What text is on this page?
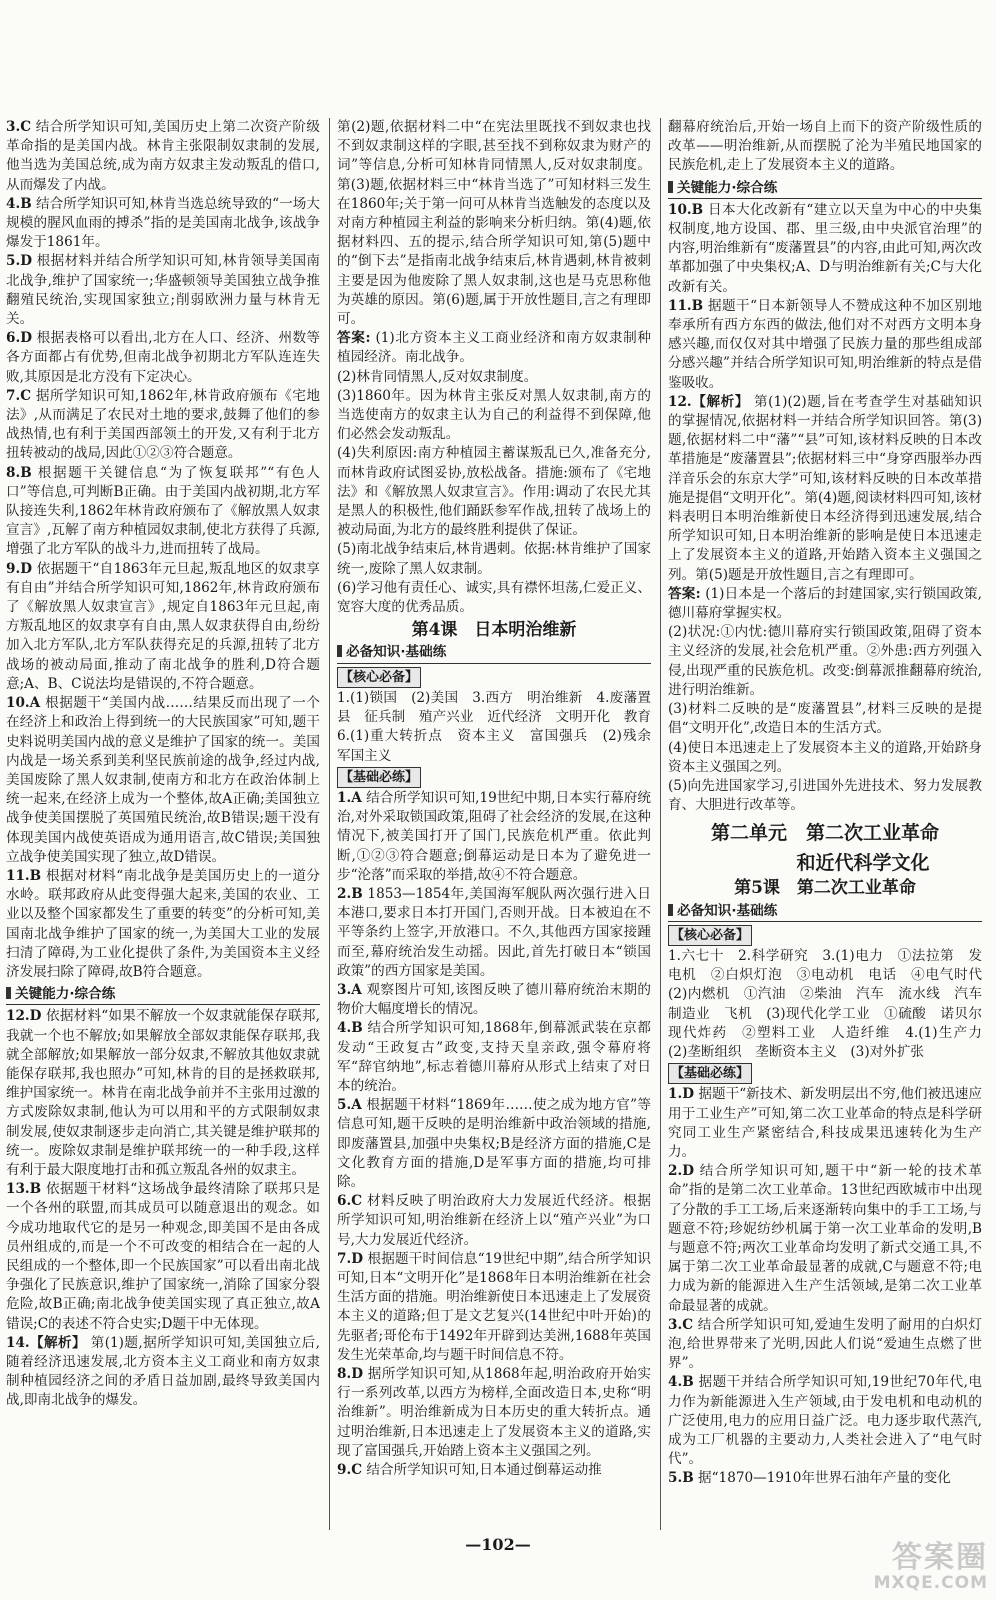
3.C 结合所学知识可知,美国历史上第二次资产阶级革命指的是美国内战。林肯主张限制奴隶制的发展,他当选为美国总统,成为南方奴隶主发动叛乱的借口,从而爆发了内战。

4.B 结合所学知识可知,林肯当选总统导致的“一场大规模的腥风血雨的搏杀”指的是美国南北战争,该战争爆发于1861年。

5.D 根据材料并结合所学知识可知,林肯领导美国南北战争,维护了国家统一;华盛顿领导美国独立战争推翻殖民统治,实现国家独立;削弱欧洲力量与林肯无关。

6.D 根据表格可以看出,北方在人口、经济、州数等各方面都占有优势,但南北战争初期北方军队连连失败,其原因是北方没有下定决心。

7.C 据所学知识可知,1862年,林肯政府颁布《宅地法》,从而满足了农民对土地的要求,鼓舞了他们的参战热情,也有利于美国西部领土的开发,又有利于北方扭转被动的战局,因此①②③符合题意。

8.B 根据题干关键信息“为了恢复联邦”“有色人口”等信息,可判断B正确。由于美国内战初期,北方军队接连失利,1862年林肯政府颁布了《解放黑人奴隶宣言》,瓦解了南方种植园奴隶制,使北方获得了兵源,增强了北方军队的战斗力,进而扭转了战局。

9.D 依据题干“自1863年元旦起,叛乱地区的奴隶享有自由”并结合所学知识可知,1862年,林肯政府颁布了《解放黑人奴隶宣言》,规定自1863年元旦起,南方叛乱地区的奴隶享有自由,黑人奴隶获得自由,纷纷加入北方军队,北方军队获得充足的兵源,扭转了北方战场的被动局面,推动了南北战争的胜利,D符合题意;A、B、C说法均是错误的,不符合题意。

10.A 根据题干“美国内战……结果反而出现了一个在经济上和政治上得到统一的大民族国家”可知,题干史料说明美国内战的意义是维护了国家的统一。美国内战是一场关系到美利坚民族前途的战争,经过内战,美国废除了黑人奴隶制,使南方和北方在政治体制上统一起来,在经济上成为一个整体,故A正确;美国独立战争使美国摆脱了英国殖民统治,故B错误;题干没有体现美国内战使英语成为通用语言,故C错误;美国独立战争使美国实现了独立,故D错误。

11.B 根据对材料“南北战争是美国历史上的一道分水岭。联邦政府从此变得强大起来,美国的农业、工业以及整个国家都发生了重要的转变”的分析可知,美国南北战争维护了国家的统一,为美国大工业的发展扫清了障碍,为工业化提供了条件,为美国资本主义经济发展扫除了障碍,故B符合题意。

关键能力·综合练

12.D 依据材料“如果不解放一个奴隶就能保存联邦,我就一个也不解放;如果解放全部奴隶能保存联邦,我就全部解放;如果解放一部分奴隶,不解放其他奴隶就能保存联邦,我也照办”可知,林肯的目的是拯救联邦,维护国家统一。林肯在南北战争前并不主张用过激的方式废除奴隶制,他认为可以用和平的方式限制奴隶制发展,使奴隶制逐步走向消亡,其关键是维护联邦的统一。废除奴隶制是维护联邦统一的一种手段,这样有利于最大限度地打击和孤立叛乱各州的奴隶主。

13.B 依据题干材料“这场战争最终清除了联邦只是一个各州的联盟,而其成员可以随意退出的观念。如今成功地取代它的是另一种观念,即美国不是由各成员州组成的,而是一个不可改变的相结合在一起的人民组成的一个整体,即一个民族国家”可以看出南北战争强化了民族意识,维护了国家统一,消除了国家分裂危险,故B正确;南北战争使美国实现了真正独立,故A错误;C的表述不符合史实;D题干中无体现。

14.【解析】 第(1)题,据所学知识可知,美国独立后,随着经济迅速发展,北方资本主义工商业和南方奴隶制种植园经济之间的矛盾日益加剧,最终导致美国内战,即南北战争的爆发。

第(2)题,依据材料二中“在宪法里既找不到奴隶也找不到奴隶制这样的字眼,甚至找不到称奴隶为财产的词”等信息,分析可知林肯同情黑人,反对奴隶制度。第(3)题,依据材料三中“林肯当选了”可知材料三发生在1860年;关于第一问可从林肯当选触发的态度以及对南方种植园主利益的影响来分析归纳。第(4)题,依据材料四、五的提示,结合所学知识可知,第(5)题中的“倒下去”是指南北战争结束后,林肯遇刺,林肯被刺主要是因为他废除了黑人奴隶制,这也是马克思称他为英雄的原因。第(6)题,属于开放性题目,言之有理即可。

答案: (1)北方资本主义工商业经济和南方奴隶制种植园经济。南北战争。

(2)林肯同情黑人,反对奴隶制度。

(3)1860年。因为林肯主张反对黑人奴隶制,南方的当选使南方的奴隶主认为自己的利益得不到保障,他们必然会发动叛乱。

(4)失利原因:南方种植园主蓄谋叛乱已久,准备充分,而林肯政府试图妥协,放松战备。措施:颁布了《宅地法》和《解放黑人奴隶宣言》。作用:调动了农民尤其是黑人的积极性,他们踊跃参军作战,扭转了战场上的被动局面,为北方的最终胜利提供了保证。

(5)南北战争结束后,林肯遇刺。依据:林肯维护了国家统一,废除了黑人奴隶制。

(6)学习他有责任心、诚实,具有襟怀坦荡,仁爱正义、宽容大度的优秀品质。

第4课　日本明治维新
必备知识·基础练
【核心必备】

1.(1)锁国　(2)美国　3.西方　明治维新　4.废藩置县　征兵制　殖产兴业　近代经济　文明开化　教育　6.(1)重大转折点　资本主义　富国强兵　(2)残余　军国主义

【基础必练】

1.A 结合所学知识可知,19世纪中期,日本实行幕府统治,对外采取锁国政策,阻碍了社会经济的发展,在这种情况下,被美国打开了国门,民族危机严重。依此判断,①②③符合题意;倒幕运动是日本为了避免进一步“沦落”而采取的举措,故④不符合题意。

2.B 1853—1854年,美国海军舰队两次强行进入日本港口,要求日本打开国门,否则开战。日本被迫在不平等条约上签字,开放港口。不久,其他西方国家接踵而至,幕府统治发生动摇。因此,首先打破日本“锁国政策”的西方国家是美国。

3.A 观察图片可知,该图反映了德川幕府统治末期的物价大幅度增长的情况。

4.B 结合所学知识可知,1868年,倒幕派武装在京都发动“王政复古”政变,支持天皇亲政,强令幕府将军“辞官纳地”,标志着德川幕府从形式上结束了对日本的统治。

5.A 根据题干材料“1869年……使之成为地方官”等信息可知,题干反映的是明治维新中政治领域的措施,即废藩置县,加强中央集权;B是经济方面的措施,C是文化教育方面的措施,D是军事方面的措施,均可排除。

6.C 材料反映了明治政府大力发展近代经济。根据所学知识可知,明治维新在经济上以“殖产兴业”为口号,大力发展近代经济。

7.D 根据题干时间信息“19世纪中期”,结合所学知识可知,日本“文明开化”是1868年日本明治维新在社会生活方面的措施。明治维新使日本迅速走上了发展资本主义的道路;但丁是文艺复兴(14世纪中叶开始)的先驱者;哥伦布于1492年开辟到达美洲,1688年英国发生光荣革命,均与题干时间信息不符。

8.D 据所学知识可知,从1868年起,明治政府开始实行一系列改革,以西方为榜样,全面改造日本,史称“明治维新”。明治维新成为日本历史的重大转折点。通过明治维新,日本迅速走上了发展资本主义的道路,实现了富国强兵,开始踏上资本主义强国之列。

9.C 结合所学知识可知,日本通过倒幕运动推

翻幕府统治后,开始一场自上而下的资产阶级性质的改革——明治维新,从而摆脱了沦为半殖民地国家的民族危机,走上了发展资本主义的道路。

关键能力·综合练

10.B 日本大化改新有“建立以天皇为中心的中央集权制度,地方设国、郡、里三级,由中央派官治理”的内容,明治维新有“废藩置县”的内容,由此可知,两次改革都加强了中央集权;A、D与明治维新有关;C与大化改新有关。

11.B 据题干“日本新领导人不赞成这种不加区别地奉承所有西方东西的做法,他们对不对西方文明本身感兴趣,而仅仅对其中增强了民族力量的那些组成部分感兴趣”并结合所学知识可知,明治维新的特点是借鉴吸收。

12.【解析】 第(1)(2)题,旨在考查学生对基础知识的掌握情况,依据材料一并结合所学知识回答。第(3)题,依据材料二中“藩”“县”可知,该材料反映的日本改革措施是“废藩置县”;依据材料三中“身穿西服举办西洋音乐会的东京大学”可知,该材料反映的日本改革措施是提倡“文明开化”。第(4)题,阅读材料四可知,该材料表明日本明治维新使日本经济得到迅速发展,结合所学知识可知,日本明治维新的影响是使日本迅速走上了发展资本主义的道路,开始踏入资本主义强国之列。第(5)题是开放性题目,言之有理即可。

答案: (1)日本是一个落后的封建国家,实行锁国政策,德川幕府掌握实权。

(2)状况:①内忧:德川幕府实行锁国政策,阻碍了资本主义经济的发展,社会危机严重。②外患:西方列强入侵,出现严重的民族危机。改变:倒幕派推翻幕府统治,进行明治维新。

(3)材料二反映的是“废藩置县”,材料三反映的是提倡“文明开化”,改造日本的生活方式。

(4)使日本迅速走上了发展资本主义的道路,开始跻身资本主义强国之列。

(5)向先进国家学习,引进国外先进技术、努力发展教育、大胆进行改革等。

第二单元　第二次工业革命
　　　　和近代科学文化
第5课　第二次工业革命
必备知识·基础练
【核心必备】

1.六七十　2.科学研究　3.(1)电力　①法拉第　发电机　②白炽灯泡　③电动机　电话　④电气时代　(2)内燃机　①汽油　②柴油　汽车　流水线　汽车制造业　飞机　(3)现代化学工业　①硫酸　诺贝尔　现代炸药　②塑料工业　人造纤维　4.(1)生产力　(2)垄断组织　垄断资本主义　(3)对外扩张

【基础必练】

1.D 据题干“新技术、新发明层出不穷,他们被迅速应用于工业生产”可知,第二次工业革命的特点是科学研究同工业生产紧密结合,科技成果迅速转化为生产力。

2.D 结合所学知识可知,题干中“新一轮的技术革命”指的是第二次工业革命。13世纪西欧城市中出现了分散的手工工场,后来逐渐转向集中的手工工场,与题意不符;珍妮纺纱机属于第一次工业革命的发明,B与题意不符;两次工业革命均发明了新式交通工具,不属于第二次工业革命最显著的成就,C与题意不符;电力成为新的能源进入生产生活领域,是第二次工业革命最显著的成就。

3.C 结合所学知识可知,爱迪生发明了耐用的白炽灯泡,给世界带来了光明,因此人们说“爱迪生点燃了世界”。

4.B 据题干并结合所学知识可知,19世纪70年代,电力作为新能源进入生产领域,由于发电机和电动机的广泛使用,电力的应用日益广泛。电力逐步取代蒸汽,成为工厂机器的主要动力,人类社会进入了“电气时代”。

5.B 据“1870—1910年世界石油年产量的变化

—102—	答案圈
MXQE.COM
